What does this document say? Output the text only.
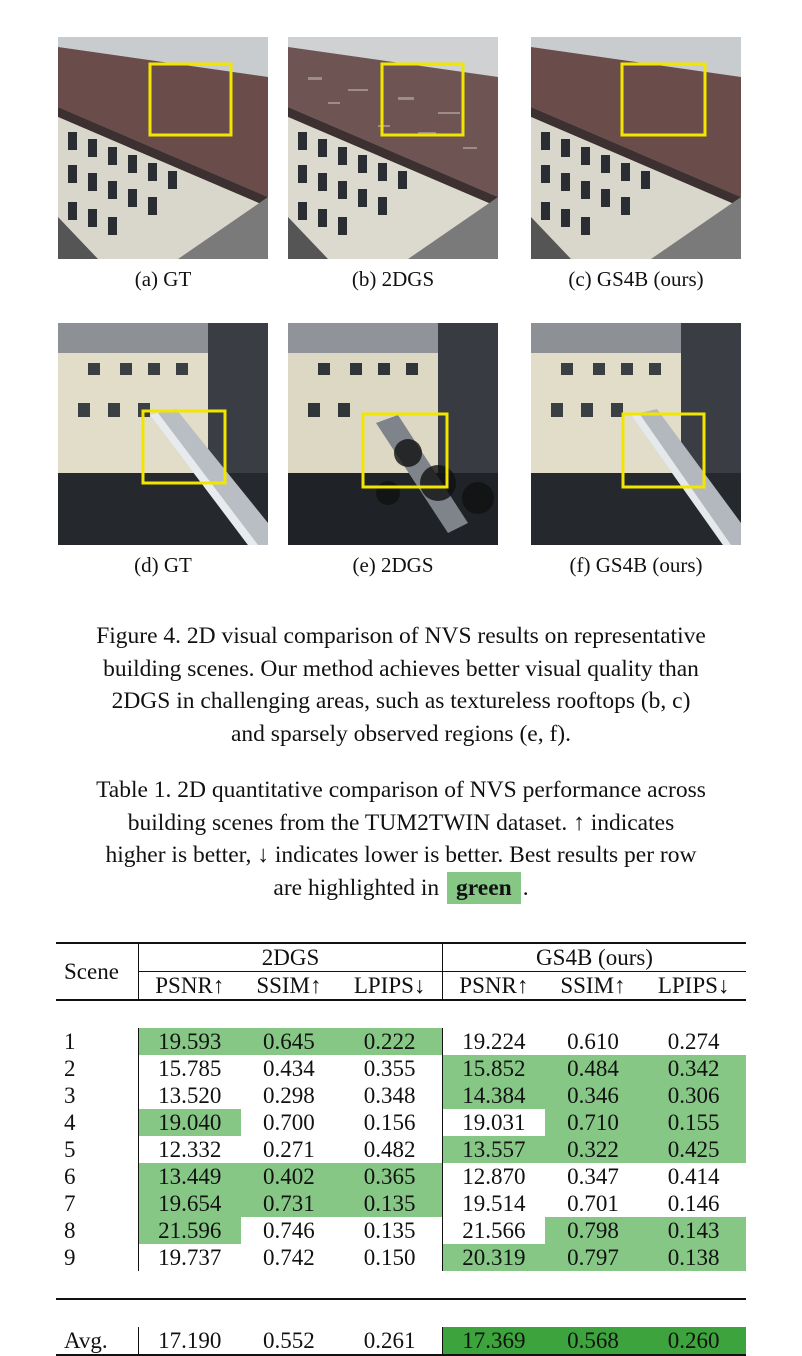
(a) GT	(b) 2DGS	(c) GS4B (ours)
(d) GT	(e) 2DGS	(f) GS4B (ours)
Figure 4. 2D visual comparison of NVS results on representative
building scenes. Our method achieves better visual quality than
2DGS in challenging areas, such as textureless rooftops (b, c)
and sparsely observed regions (e, f).
Table 1. 2D quantitative comparison of NVS performance across
building scenes from the TUM2TWIN dataset. ↑ indicates
higher is better, ↓ indicates lower is better. Best results per row
are highlighted in green .
Scene	2DGS			GS4B (ours)		
	PSNR↑	SSIM↑	LPIPS↓	PSNR↑	SSIM↑	LPIPS↓

1	19.593	0.645	0.222	19.224	0.610	0.274
2	15.785	0.434	0.355	15.852	0.484	0.342
3	13.520	0.298	0.348	14.384	0.346	0.306
4	19.040	0.700	0.156	19.031	0.710	0.155
5	12.332	0.271	0.482	13.557	0.322	0.425
6	13.449	0.402	0.365	12.870	0.347	0.414
7	19.654	0.731	0.135	19.514	0.701	0.146
8	21.596	0.746	0.135	21.566	0.798	0.143
9	19.737	0.742	0.150	20.319	0.797	0.138

Avg.	17.190	0.552	0.261	17.369	0.568	0.260
